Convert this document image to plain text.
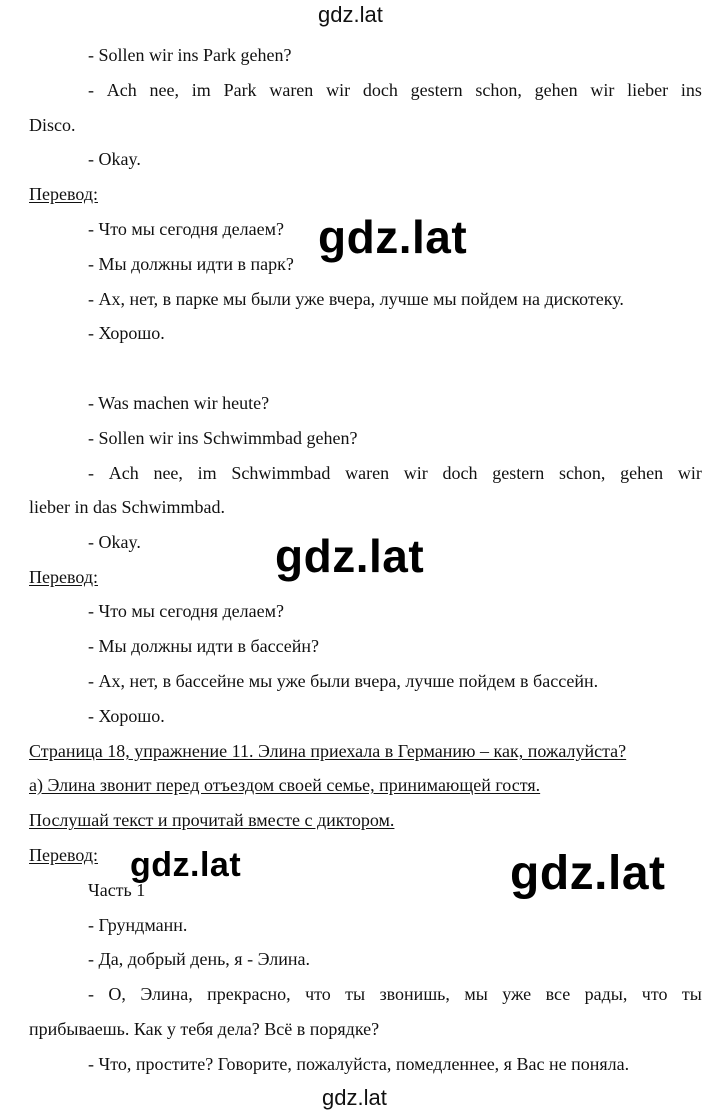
gdz.lat
- Sollen wir ins Park gehen?
- Ach nee, im Park waren wir doch gestern schon, gehen wir lieber ins
Disco.
- Okay.
Перевод:
- Что мы сегодня делаем?
- Мы должны идти в парк?
- Ах, нет, в парке мы были уже вчера, лучше мы пойдем на дискотеку.
- Хорошо.
gdz.lat
- Was machen wir heute?
- Sollen wir ins Schwimmbad gehen?
- Ach nee, im Schwimmbad waren wir doch gestern schon, gehen wir
lieber in das Schwimmbad.
- Okay.	gdz.lat
Перевод:
- Что мы сегодня делаем?
- Мы должны идти в бассейн?
- Ах, нет, в бассейне мы уже были вчера, лучше пойдем в бассейн.
- Хорошо.
Страница 18, упражнение 11. Элина приехала в Германию – как, пожалуйста?
а) Элина звонит перед отъездом своей семье, принимающей гостя.
Послушай текст и прочитай вместе с диктором.
Перевод:
Часть 1
gdz.lat	gdz.lat
- Грундманн.
- Да, добрый день, я - Элина.
- О, Элина, прекрасно, что ты звонишь, мы уже все рады, что ты
прибываешь. Как у тебя дела? Всё в порядке?
- Что, простите? Говорите, пожалуйста, помедленнее, я Вас не поняла.
gdz.lat
